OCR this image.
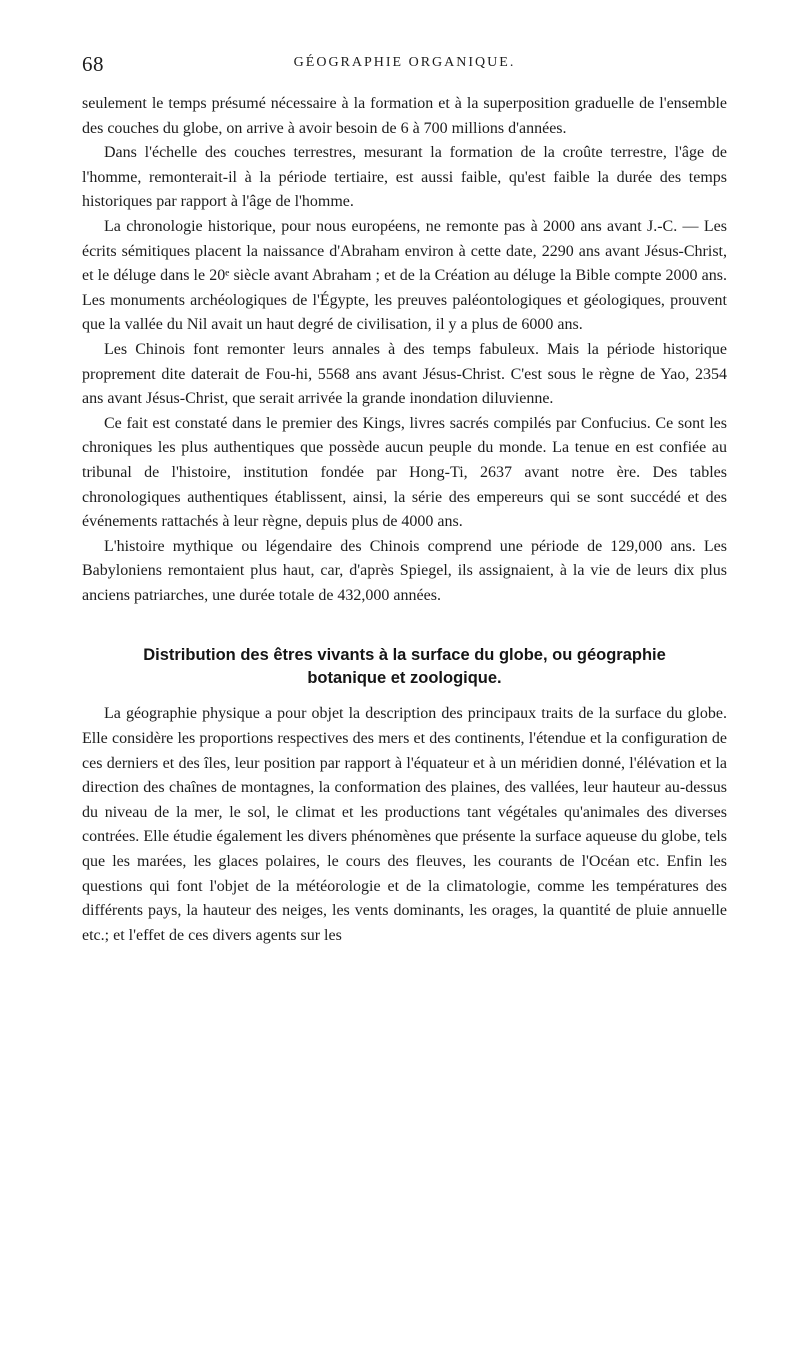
68	GÉOGRAPHIE ORGANIQUE.

seulement le temps présumé nécessaire à la formation et à la superposition graduelle de l'ensemble des couches du globe, on arrive à avoir besoin de 6 à 700 millions d'années.

Dans l'échelle des couches terrestres, mesurant la formation de la croûte terrestre, l'âge de l'homme, remonterait-il à la période tertiaire, est aussi faible, qu'est faible la durée des temps historiques par rapport à l'âge de l'homme.

La chronologie historique, pour nous européens, ne remonte pas à 2000 ans avant J.-C. — Les écrits sémitiques placent la naissance d'Abraham environ à cette date, 2290 ans avant Jésus-Christ, et le déluge dans le 20ᵉ siècle avant Abraham ; et de la Création au déluge la Bible compte 2000 ans. Les monuments archéologiques de l'Égypte, les preuves paléontologiques et géologiques, prouvent que la vallée du Nil avait un haut degré de civilisation, il y a plus de 6000 ans.

Les Chinois font remonter leurs annales à des temps fabuleux. Mais la période historique proprement dite daterait de Fou-hi, 5568 ans avant Jésus-Christ. C'est sous le règne de Yao, 2354 ans avant Jésus-Christ, que serait arrivée la grande inondation diluvienne.

Ce fait est constaté dans le premier des Kings, livres sacrés compilés par Confucius. Ce sont les chroniques les plus authentiques que possède aucun peuple du monde. La tenue en est confiée au tribunal de l'histoire, institution fondée par Hong-Ti, 2637 avant notre ère. Des tables chronologiques authentiques établissent, ainsi, la série des empereurs qui se sont succédé et des événements rattachés à leur règne, depuis plus de 4000 ans.

L'histoire mythique ou légendaire des Chinois comprend une période de 129,000 ans. Les Babyloniens remontaient plus haut, car, d'après Spiegel, ils assignaient, à la vie de leurs dix plus anciens patriarches, une durée totale de 432,000 années.

Distribution des êtres vivants à la surface du globe, ou géographie botanique et zoologique.

La géographie physique a pour objet la description des principaux traits de la surface du globe. Elle considère les proportions respectives des mers et des continents, l'étendue et la configuration de ces derniers et des îles, leur position par rapport à l'équateur et à un méridien donné, l'élévation et la direction des chaînes de montagnes, la conformation des plaines, des vallées, leur hauteur au-dessus du niveau de la mer, le sol, le climat et les productions tant végétales qu'animales des diverses contrées. Elle étudie également les divers phénomènes que présente la surface aqueuse du globe, tels que les marées, les glaces polaires, le cours des fleuves, les courants de l'Océan etc. Enfin les questions qui font l'objet de la météorologie et de la climatologie, comme les températures des différents pays, la hauteur des neiges, les vents dominants, les orages, la quantité de pluie annuelle etc.; et l'effet de ces divers agents sur les
